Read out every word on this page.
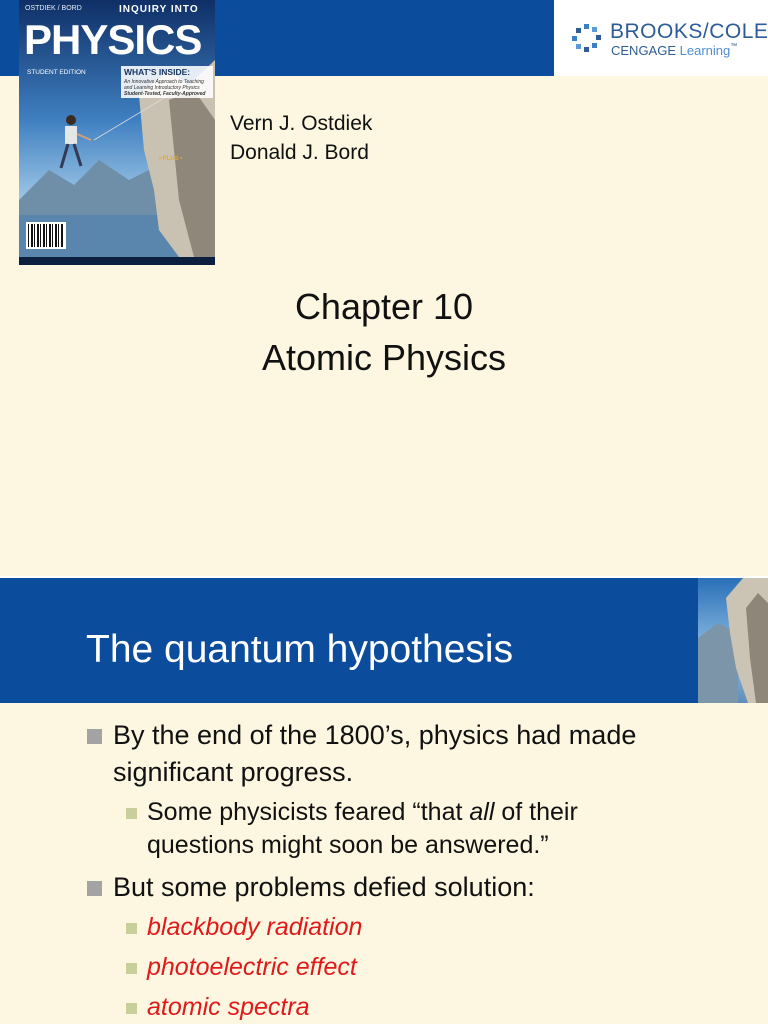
BROOKS/COLE
CENGAGE Learning™
OSTDIEK / BORD	INQUIRY INTO
PHYSICS
STUDENT EDITION	WHAT'S INSIDE:
An Innovative Approach to Teaching and Learning Introductory Physics Student-Tested, Faculty-Approved
• PLUS •
Vern J. Ostdiek
Donald J. Bord
Chapter 10
Atomic Physics
The quantum hypothesis
By the end of the 1800’s, physics had made
significant progress.
Some physicists feared “that all of their
questions might soon be answered.”
But some problems defied solution:
blackbody radiation
photoelectric effect
atomic spectra
